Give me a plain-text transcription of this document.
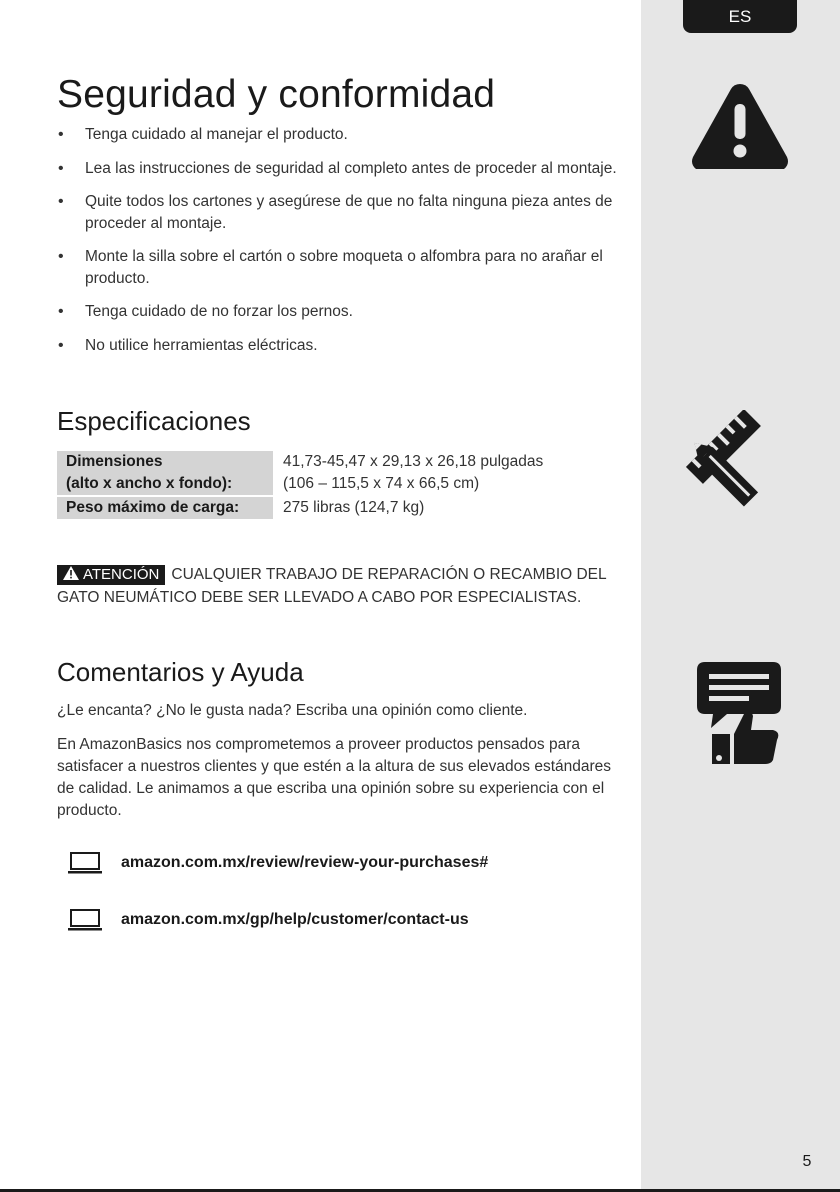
ES
Seguridad y conformidad
• Tenga cuidado al manejar el producto.
• Lea las instrucciones de seguridad al completo antes de proceder al montaje.
• Quite todos los cartones y asegúrese de que no falta ninguna pieza antes de proceder al montaje.
• Monte la silla sobre el cartón o sobre moqueta o alfombra para no arañar el producto.
• Tenga cuidado de no forzar los pernos.
• No utilice herramientas eléctricas.
Especificaciones
Dimensiones
(alto x ancho x fondo):	41,73-45,47 x 29,13 x 26,18 pulgadas
(106 – 115,5 x 74 x 66,5 cm)
Peso máximo de carga:	275 libras (124,7 kg)
ATENCIÓN CUALQUIER TRABAJO DE REPARACIÓN O RECAMBIO DEL GATO NEUMÁTICO DEBE SER LLEVADO A CABO POR ESPECIALISTAS.
Comentarios y Ayuda

¿Le encanta? ¿No le gusta nada? Escriba una opinión como cliente.

En AmazonBasics nos comprometemos a proveer productos pensados para satisfacer a nuestros clientes y que estén a la altura de sus elevados estándares de calidad. Le animamos a que escriba una opinión sobre su experiencia con el producto.

amazon.com.mx/review/review-your-purchases#
amazon.com.mx/gp/help/customer/contact-us
5
